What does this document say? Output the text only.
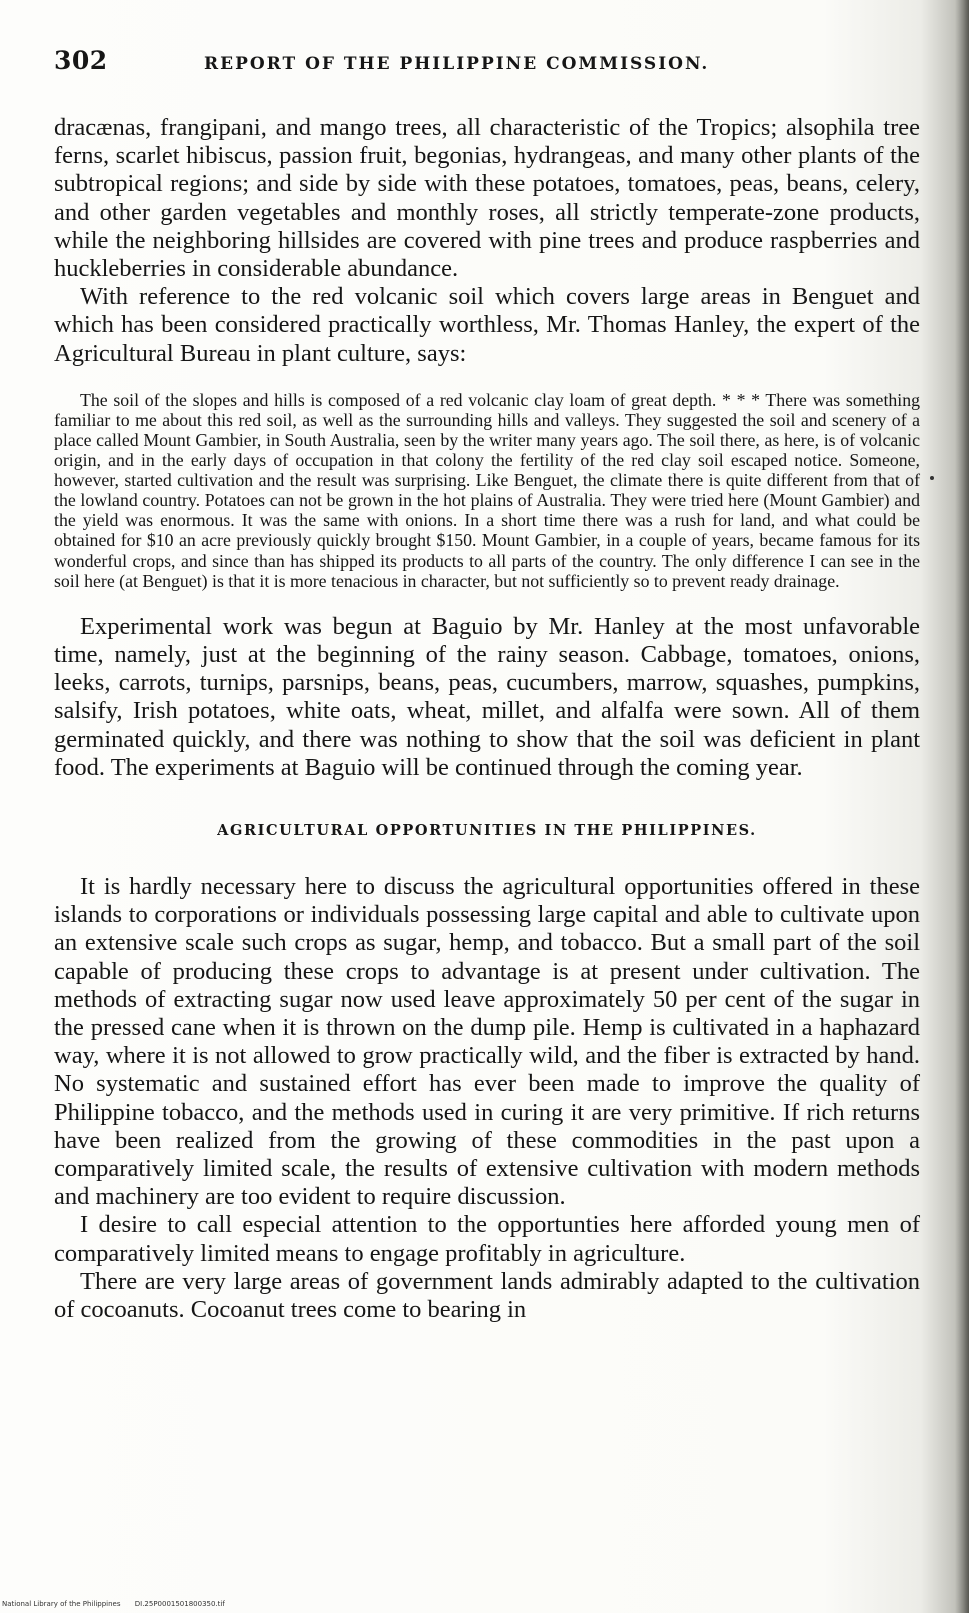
302	REPORT OF THE PHILIPPINE COMMISSION.

dracænas, frangipani, and mango trees, all characteristic of the Tropics; alsophila tree ferns, scarlet hibiscus, passion fruit, begonias, hydrangeas, and many other plants of the subtropical regions; and side by side with these potatoes, tomatoes, peas, beans, celery, and other garden vegetables and monthly roses, all strictly temperate-zone products, while the neighboring hillsides are covered with pine trees and produce raspberries and huckleberries in considerable abundance.

With reference to the red volcanic soil which covers large areas in Benguet and which has been considered practically worthless, Mr. Thomas Hanley, the expert of the Agricultural Bureau in plant culture, says:

The soil of the slopes and hills is composed of a red volcanic clay loam of great depth. * * * There was something familiar to me about this red soil, as well as the surrounding hills and valleys. They suggested the soil and scenery of a place called Mount Gambier, in South Australia, seen by the writer many years ago. The soil there, as here, is of volcanic origin, and in the early days of occupation in that colony the fertility of the red clay soil escaped notice. Someone, however, started cultivation and the result was surprising. Like Benguet, the climate there is quite different from that of the lowland country. Potatoes can not be grown in the hot plains of Australia. They were tried here (Mount Gambier) and the yield was enormous. It was the same with onions. In a short time there was a rush for land, and what could be obtained for $10 an acre previously quickly brought $150. Mount Gambier, in a couple of years, became famous for its wonderful crops, and since than has shipped its products to all parts of the country. The only difference I can see in the soil here (at Benguet) is that it is more tenacious in character, but not sufficiently so to prevent ready drainage.

Experimental work was begun at Baguio by Mr. Hanley at the most unfavorable time, namely, just at the beginning of the rainy season. Cabbage, tomatoes, onions, leeks, carrots, turnips, parsnips, beans, peas, cucumbers, marrow, squashes, pumpkins, salsify, Irish potatoes, white oats, wheat, millet, and alfalfa were sown. All of them germinated quickly, and there was nothing to show that the soil was deficient in plant food. The experiments at Baguio will be continued through the coming year.

AGRICULTURAL OPPORTUNITIES IN THE PHILIPPINES.

It is hardly necessary here to discuss the agricultural opportunities offered in these islands to corporations or individuals possessing large capital and able to cultivate upon an extensive scale such crops as sugar, hemp, and tobacco. But a small part of the soil capable of producing these crops to advantage is at present under cultivation. The methods of extracting sugar now used leave approximately 50 per cent of the sugar in the pressed cane when it is thrown on the dump pile. Hemp is cultivated in a haphazard way, where it is not allowed to grow practically wild, and the fiber is extracted by hand. No systematic and sustained effort has ever been made to improve the quality of Philippine tobacco, and the methods used in curing it are very primitive. If rich returns have been realized from the growing of these commodities in the past upon a comparatively limited scale, the results of extensive cultivation with modern methods and machinery are too evident to require discussion.

I desire to call especial attention to the opportunties here afforded young men of comparatively limited means to engage profitably in agriculture.

There are very large areas of government lands admirably adapted to the cultivation of cocoanuts. Cocoanut trees come to bearing in

National Library of the Philippines DI.25P0001501800350.tif
